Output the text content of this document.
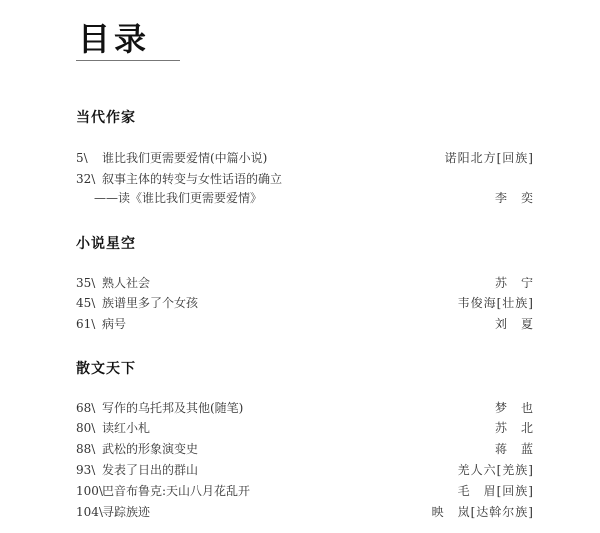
目录
当代作家
5\ 谁比我们更需要爱情(中篇小说)	诺阳北方[回族]
32\ 叙事主体的转变与女性话语的确立
——读《谁比我们更需要爱情》	李　奕
小说星空
35\ 熟人社会	苏　宁
45\ 族谱里多了个女孩	韦俊海[壮族]
61\ 病号	刘　夏
散文天下
68\ 写作的乌托邦及其他(随笔)	梦　也
80\ 读红小札	苏　北
88\ 武松的形象演变史	蒋　蓝
93\ 发表了日出的群山	羌人六[羌族]
100\ 巴音布鲁克:天山八月花乱开	毛　眉[回族]
104\ 寻踪族迹	映　岚[达斡尔族]
